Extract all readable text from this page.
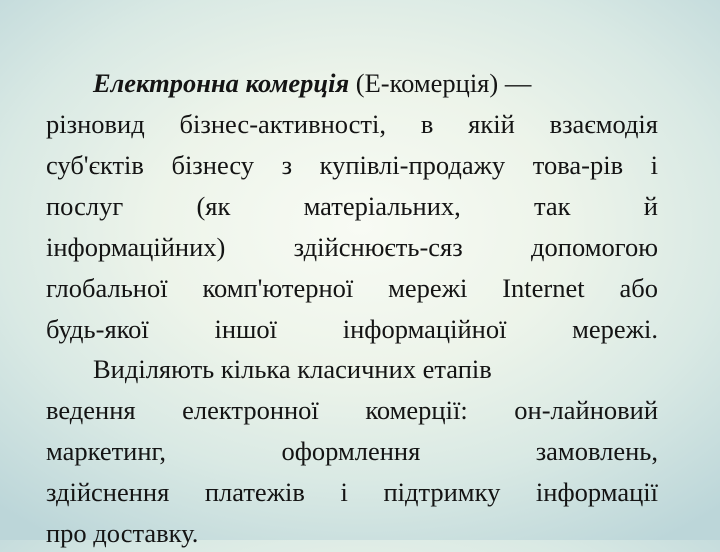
Електронна комерція (Е-комерція) —
різновид бізнес-активності, в якій взаємодія
суб'єктів бізнесу з купівлі-продажу това-рів і
послуг (як матеріальних, так й
інформаційних) здійснюєть-сяз допомогою
глобальної комп'ютерної мережі Internet або
будь-якої іншої інформаційної мережі.
Виділяють кілька класичних етапів
ведення електронної комерції: он-лайновий
маркетинг, оформлення замовлень,
здійснення платежів і підтримку інформації
про доставку.
